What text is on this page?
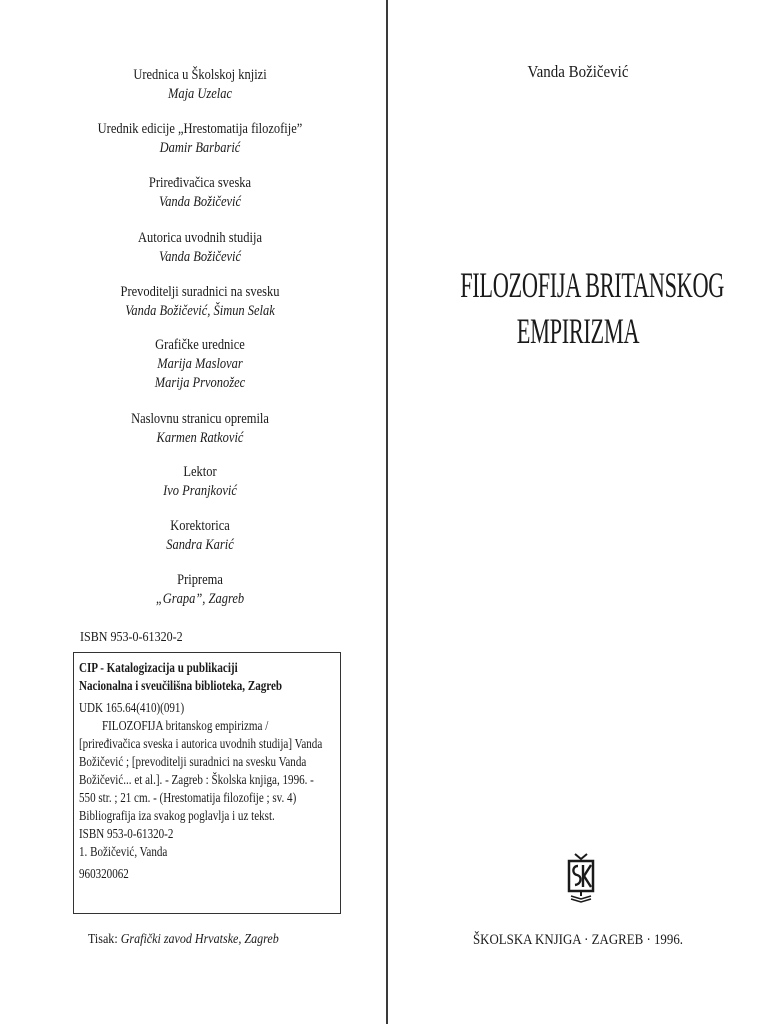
Urednica u Školskoj knjizi
Maja Uzelac
Urednik edicije „Hrestomatija filozofije”
Damir Barbarić
Priređivačica sveska
Vanda Božičević
Autorica uvodnih studija
Vanda Božičević
Prevoditelji suradnici na svesku
Vanda Božičević, Šimun Selak
Grafičke urednice
Marija Maslovar
Marija Prvonožec
Naslovnu stranicu opremila
Karmen Ratković
Lektor
Ivo Pranjković
Korektorica
Sandra Karić
Priprema
„Grapa”, Zagreb
ISBN 953-0-61320-2
CIP - Katalogizacija u publikaciji
Nacionalna i sveučilišna biblioteka, Zagreb
UDK 165.64(410)(091)
FILOZOFIJA britanskog empirizma /
[priređivačica sveska i autorica uvodnih studija] Vanda
Božičević ; [prevoditelji suradnici na svesku Vanda
Božičević... et al.]. - Zagreb : Školska knjiga, 1996. -
550 str. ; 21 cm. - (Hrestomatija filozofije ; sv. 4)
Bibliografija iza svakog poglavlja i uz tekst.
ISBN 953-0-61320-2
1. Božičević, Vanda
960320062
Tisak: Grafički zavod Hrvatske, Zagreb
Vanda Božičević
FILOZOFIJA BRITANSKOG
EMPIRIZMA
ŠKOLSKA KNJIGA · ZAGREB · 1996.
